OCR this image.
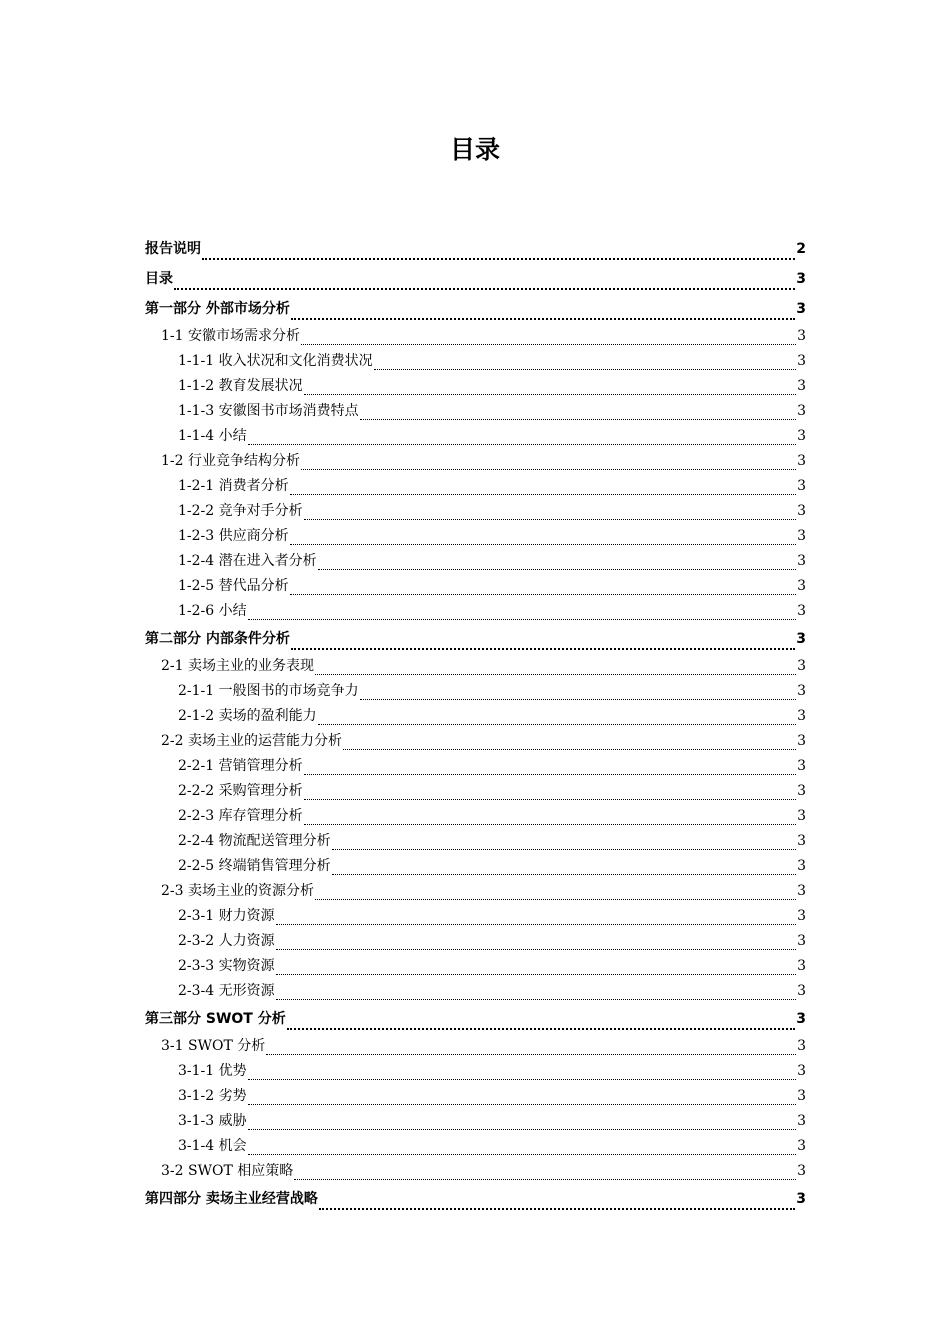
目录
报告说明	2
目录	3
第一部分 外部市场分析	3
1-1 安徽市场需求分析	3
1-1-1 收入状况和文化消费状况	3
1-1-2 教育发展状况	3
1-1-3 安徽图书市场消费特点	3
1-1-4 小结	3
1-2 行业竞争结构分析	3
1-2-1 消费者分析	3
1-2-2 竞争对手分析	3
1-2-3 供应商分析	3
1-2-4 潜在进入者分析	3
1-2-5 替代品分析	3
1-2-6 小结	3
第二部分 内部条件分析	3
2-1 卖场主业的业务表现	3
2-1-1 一般图书的市场竞争力	3
2-1-2 卖场的盈利能力	3
2-2 卖场主业的运营能力分析	3
2-2-1 营销管理分析	3
2-2-2 采购管理分析	3
2-2-3 库存管理分析	3
2-2-4 物流配送管理分析	3
2-2-5 终端销售管理分析	3
2-3 卖场主业的资源分析	3
2-3-1 财力资源	3
2-3-2 人力资源	3
2-3-3 实物资源	3
2-3-4 无形资源	3
第三部分 SWOT 分析	3
3-1 SWOT 分析	3
3-1-1 优势	3
3-1-2 劣势	3
3-1-3 威胁	3
3-1-4 机会	3
3-2 SWOT 相应策略	3
第四部分 卖场主业经营战略	3
